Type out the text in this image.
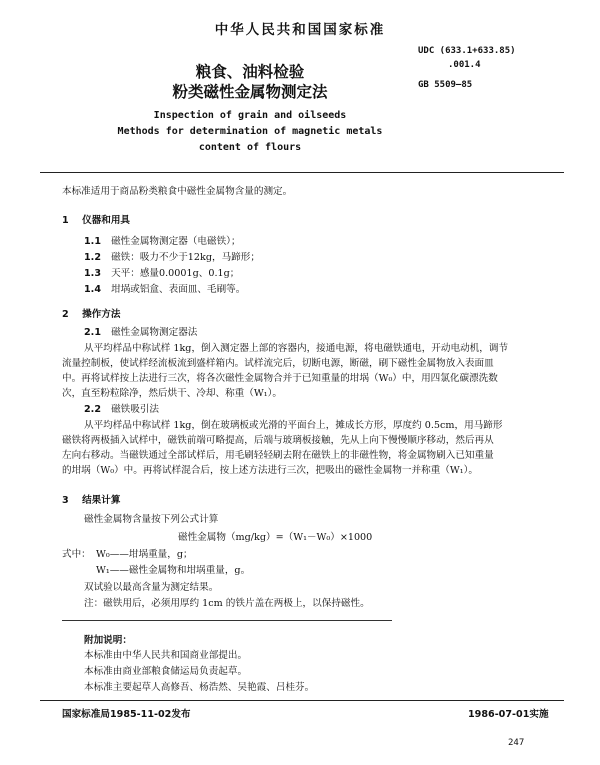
中华人民共和国国家标准
粮食、油料检验
粉类磁性金属物测定法
UDC (633.1+633.85)
.001.4
GB 5509—85
Inspection of grain and oilseeds
Methods for determination of magnetic metals
content of flours

本标准适用于商品粉类粮食中磁性金属物含量的测定。

1 仪器和用具
1.1 磁性金属物测定器（电磁铁）；
1.2 磁铁：吸力不少于12kg，马蹄形；
1.3 天平：感量0.0001g、0.1g；
1.4 坩埚或铝盒、表面皿、毛刷等。
2 操作方法
2.1 磁性金属物测定器法

从平均样品中称试样 1kg，倒入测定器上部的容器内，接通电源，将电磁铁通电，开动电动机，调节

流量控制板，使试样经流板流到盛样箱内。试样流完后，切断电源，断磁，刷下磁性金属物放入表面皿

中。再将试样按上法进行三次，将各次磁性金属物合并于已知重量的坩埚（W₀）中，用四氯化碳漂洗数

次，直至粉粒除净，然后烘干、冷却、称重（W₁）。

2.2 磁铁吸引法

从平均样品中称试样 1kg，倒在玻璃板或光滑的平面台上，摊成长方形，厚度约 0.5cm，用马蹄形

磁铁将两极插入试样中，磁铁前端可略提高，后端与玻璃板接触，先从上向下慢慢顺序移动，然后再从

左向右移动。当磁铁通过全部试样后，用毛刷轻轻刷去附在磁铁上的非磁性物，将金属物刷入已知重量

的坩埚（W₀）中。再将试样混合后，按上述方法进行三次，把吸出的磁性金属物一并称重（W₁）。

3 结果计算

磁性金属物含量按下列公式计算

磁性金属物（mg/kg）=（W₁－W₀）×1000

式中： W₀——坩埚重量，g；

W₁——磁性金属物和坩埚重量，g。

双试验以最高含量为测定结果。

注：磁铁用后，必须用厚约 1cm 的铁片盖在两极上，以保持磁性。

附加说明：

本标准由中华人民共和国商业部提出。

本标准由商业部粮食储运局负责起草。

本标准主要起草人高修吾、杨浩然、吴艳霞、吕桂芬。

国家标准局1985-11-02发布	1986-07-01实施

247
